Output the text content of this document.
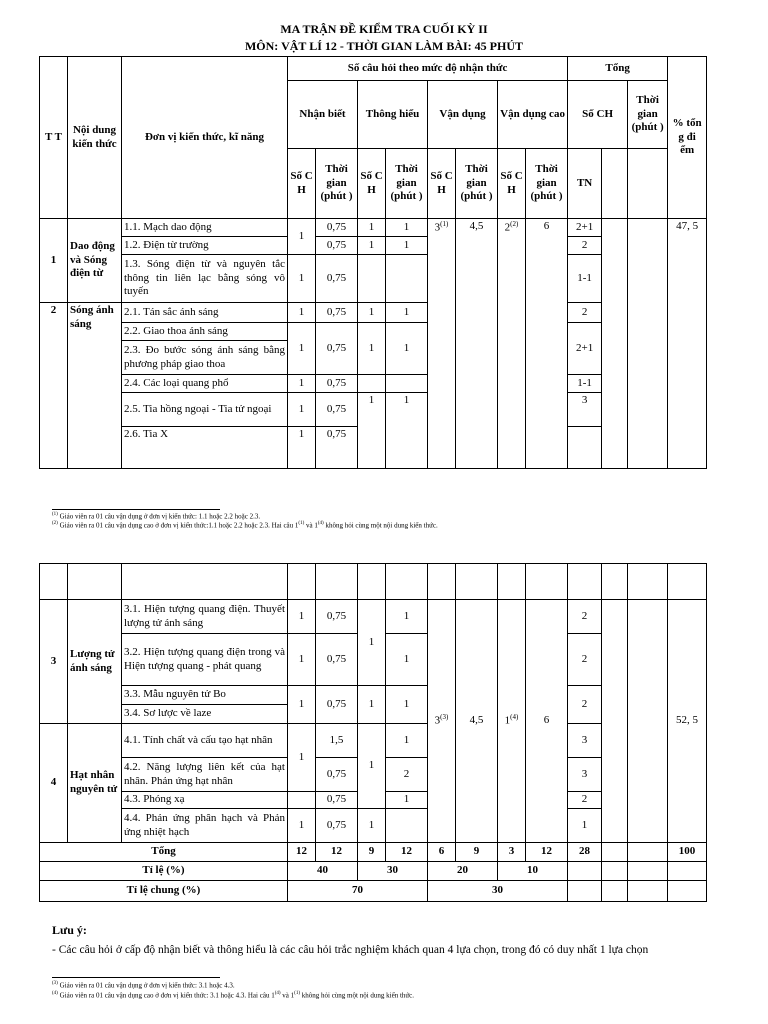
MA TRẬN ĐỀ KIỂM TRA CUỐI KỲ II
MÔN: VẬT LÍ 12 - THỜI GIAN LÀM BÀI: 45 PHÚT
T T	Nội dung kiến thức	Đơn vị kiến thức, kĩ năng	Số câu hỏi theo mức độ nhận thức								Tổng			% tổn g đi ểm
			Nhận biết		Thông hiểu		Vận dụng		Vận dụng cao		Số CH		Thời gian (phút )	
			Số C H	Thời gian (phút )	Số C H	Thời gian (phút )	Số C H	Thời gian (phút )	Số C H	Thời gian (phút )	TN			
1	Dao động và Sóng điện từ	1.1. Mạch dao động	1	0,75	1	1	3$^{(1)}$	4,5	2$^{(2)}$	6	2+1			47, 5
		1.2. Điện từ trường		0,75	1	1					2			
		1.3. Sóng điện từ và nguyên tắc thông tin liên lạc bằng sóng vô tuyến	1	0,75							1-1			
2	Sóng ánh sáng	2.1. Tán sắc ánh sáng	1	0,75	1	1					2			
		2.2. Giao thoa ánh sáng	1	0,75	1	1					2+1			
		2.3. Đo bước sóng ánh sáng bằng phương pháp giao thoa												
		2.4. Các loại quang phổ	1	0,75							1-1			
		2.5. Tia hồng ngoại - Tia tử ngoại	1	0,75	1	1					3			
		2.6. Tia X	1	0,75										
$^{(1)}$ Giáo viên ra 01 câu vận dụng ở đơn vị kiến thức: 1.1 hoặc 2.2 hoặc 2.3.
$^{(2)}$ Giáo viên ra 01 câu vận dụng cao ở đơn vị kiến thức:1.1 hoặc 2.2 hoặc 2.3. Hai câu 1$^{(1)}$ và 1$^{(4)}$ không hỏi cùng một nội dung kiến thức.

3	Lượng tử ánh sáng	3.1. Hiện tượng quang điện. Thuyết lượng tử ánh sáng	1	0,75	1	1	3$^{(3)}$	4,5	1$^{(4)}$	6	2			52, 5
		3.2. Hiện tượng quang điện trong và Hiện tượng quang - phát quang	1	0,75		1					2			
		3.3. Mẫu nguyên tử Bo	1	0,75	1	1					2			
		3.4. Sơ lược về laze												
4	Hạt nhân nguyên tử	4.1. Tính chất và cấu tạo hạt nhân	1	1,5	1	1					3			
		4.2. Năng lượng liên kết của hạt nhân. Phản ứng hạt nhân		0,75		2					3			
		4.3. Phóng xạ		0,75		1					2			
		4.4. Phản ứng phân hạch và Phản ứng nhiệt hạch	1	0,75	1						1			
Tổng			12	12	9	12	6	9	3	12	28			100
Tỉ lệ (%)			40		30		20		10					
Tỉ lệ chung (%)			70				30							
Lưu ý:
- Các câu hỏi ở cấp độ nhận biết và thông hiểu là các câu hỏi trắc nghiệm khách quan 4 lựa chọn, trong đó có duy nhất 1 lựa chọn
$^{(3)}$ Giáo viên ra 01 câu vận dụng ở đơn vị kiến thức: 3.1 hoặc 4.3.
$^{(4)}$ Giáo viên ra 01 câu vận dụng cao ở đơn vị kiến thức: 3.1 hoặc 4.3. Hai câu 1$^{(4)}$ và 1$^{(1)}$ không hỏi cùng một nội dung kiến thức.
